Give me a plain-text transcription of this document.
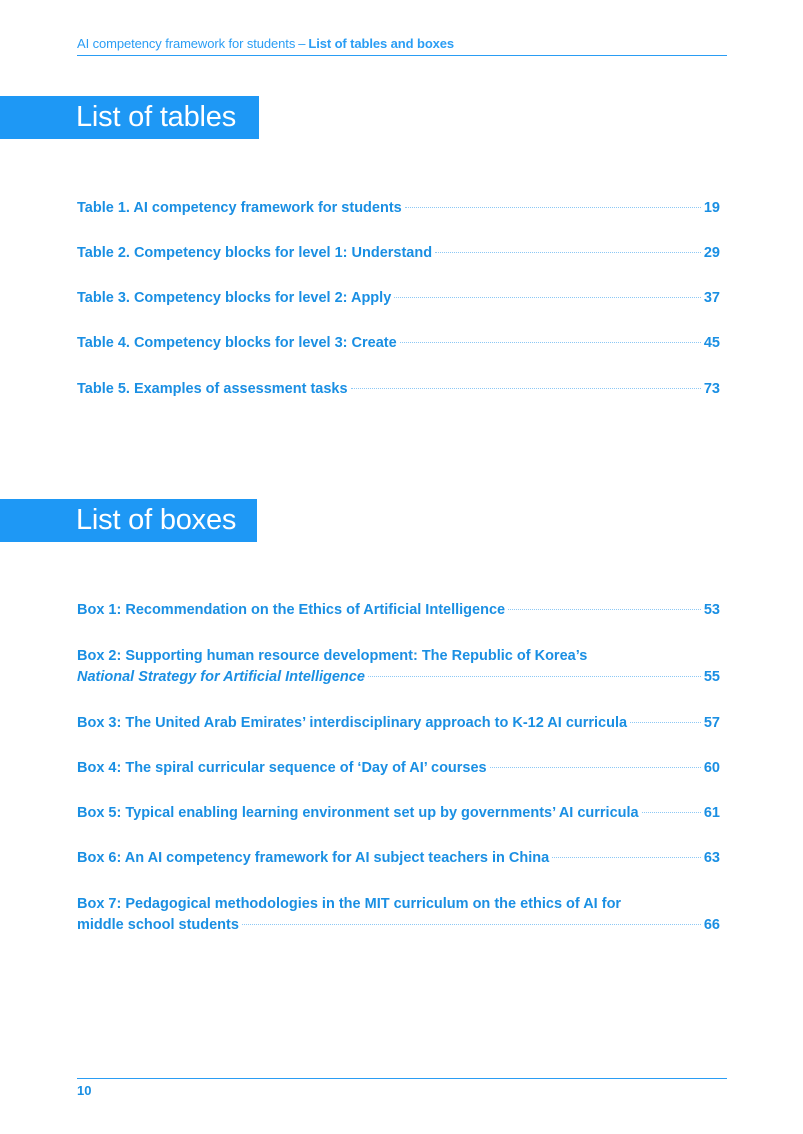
AI competency framework for students – List of tables and boxes
List of tables
Table 1. AI competency framework for students	19
Table 2. Competency blocks for level 1: Understand	29
Table 3. Competency blocks for level 2: Apply	37
Table 4. Competency blocks for level 3: Create	45
Table 5. Examples of assessment tasks	73
List of boxes
Box 1: Recommendation on the Ethics of Artificial Intelligence	53
Box 2: Supporting human resource development: The Republic of Korea’s
National Strategy for Artificial Intelligence	55
Box 3: The United Arab Emirates’ interdisciplinary approach to K-12 AI curricula	57
Box 4: The spiral curricular sequence of ‘Day of AI’ courses	60
Box 5: Typical enabling learning environment set up by governments’ AI curricula	61
Box 6: An AI competency framework for AI subject teachers in China	63
Box 7: Pedagogical methodologies in the MIT curriculum on the ethics of AI for
middle school students	66
10
